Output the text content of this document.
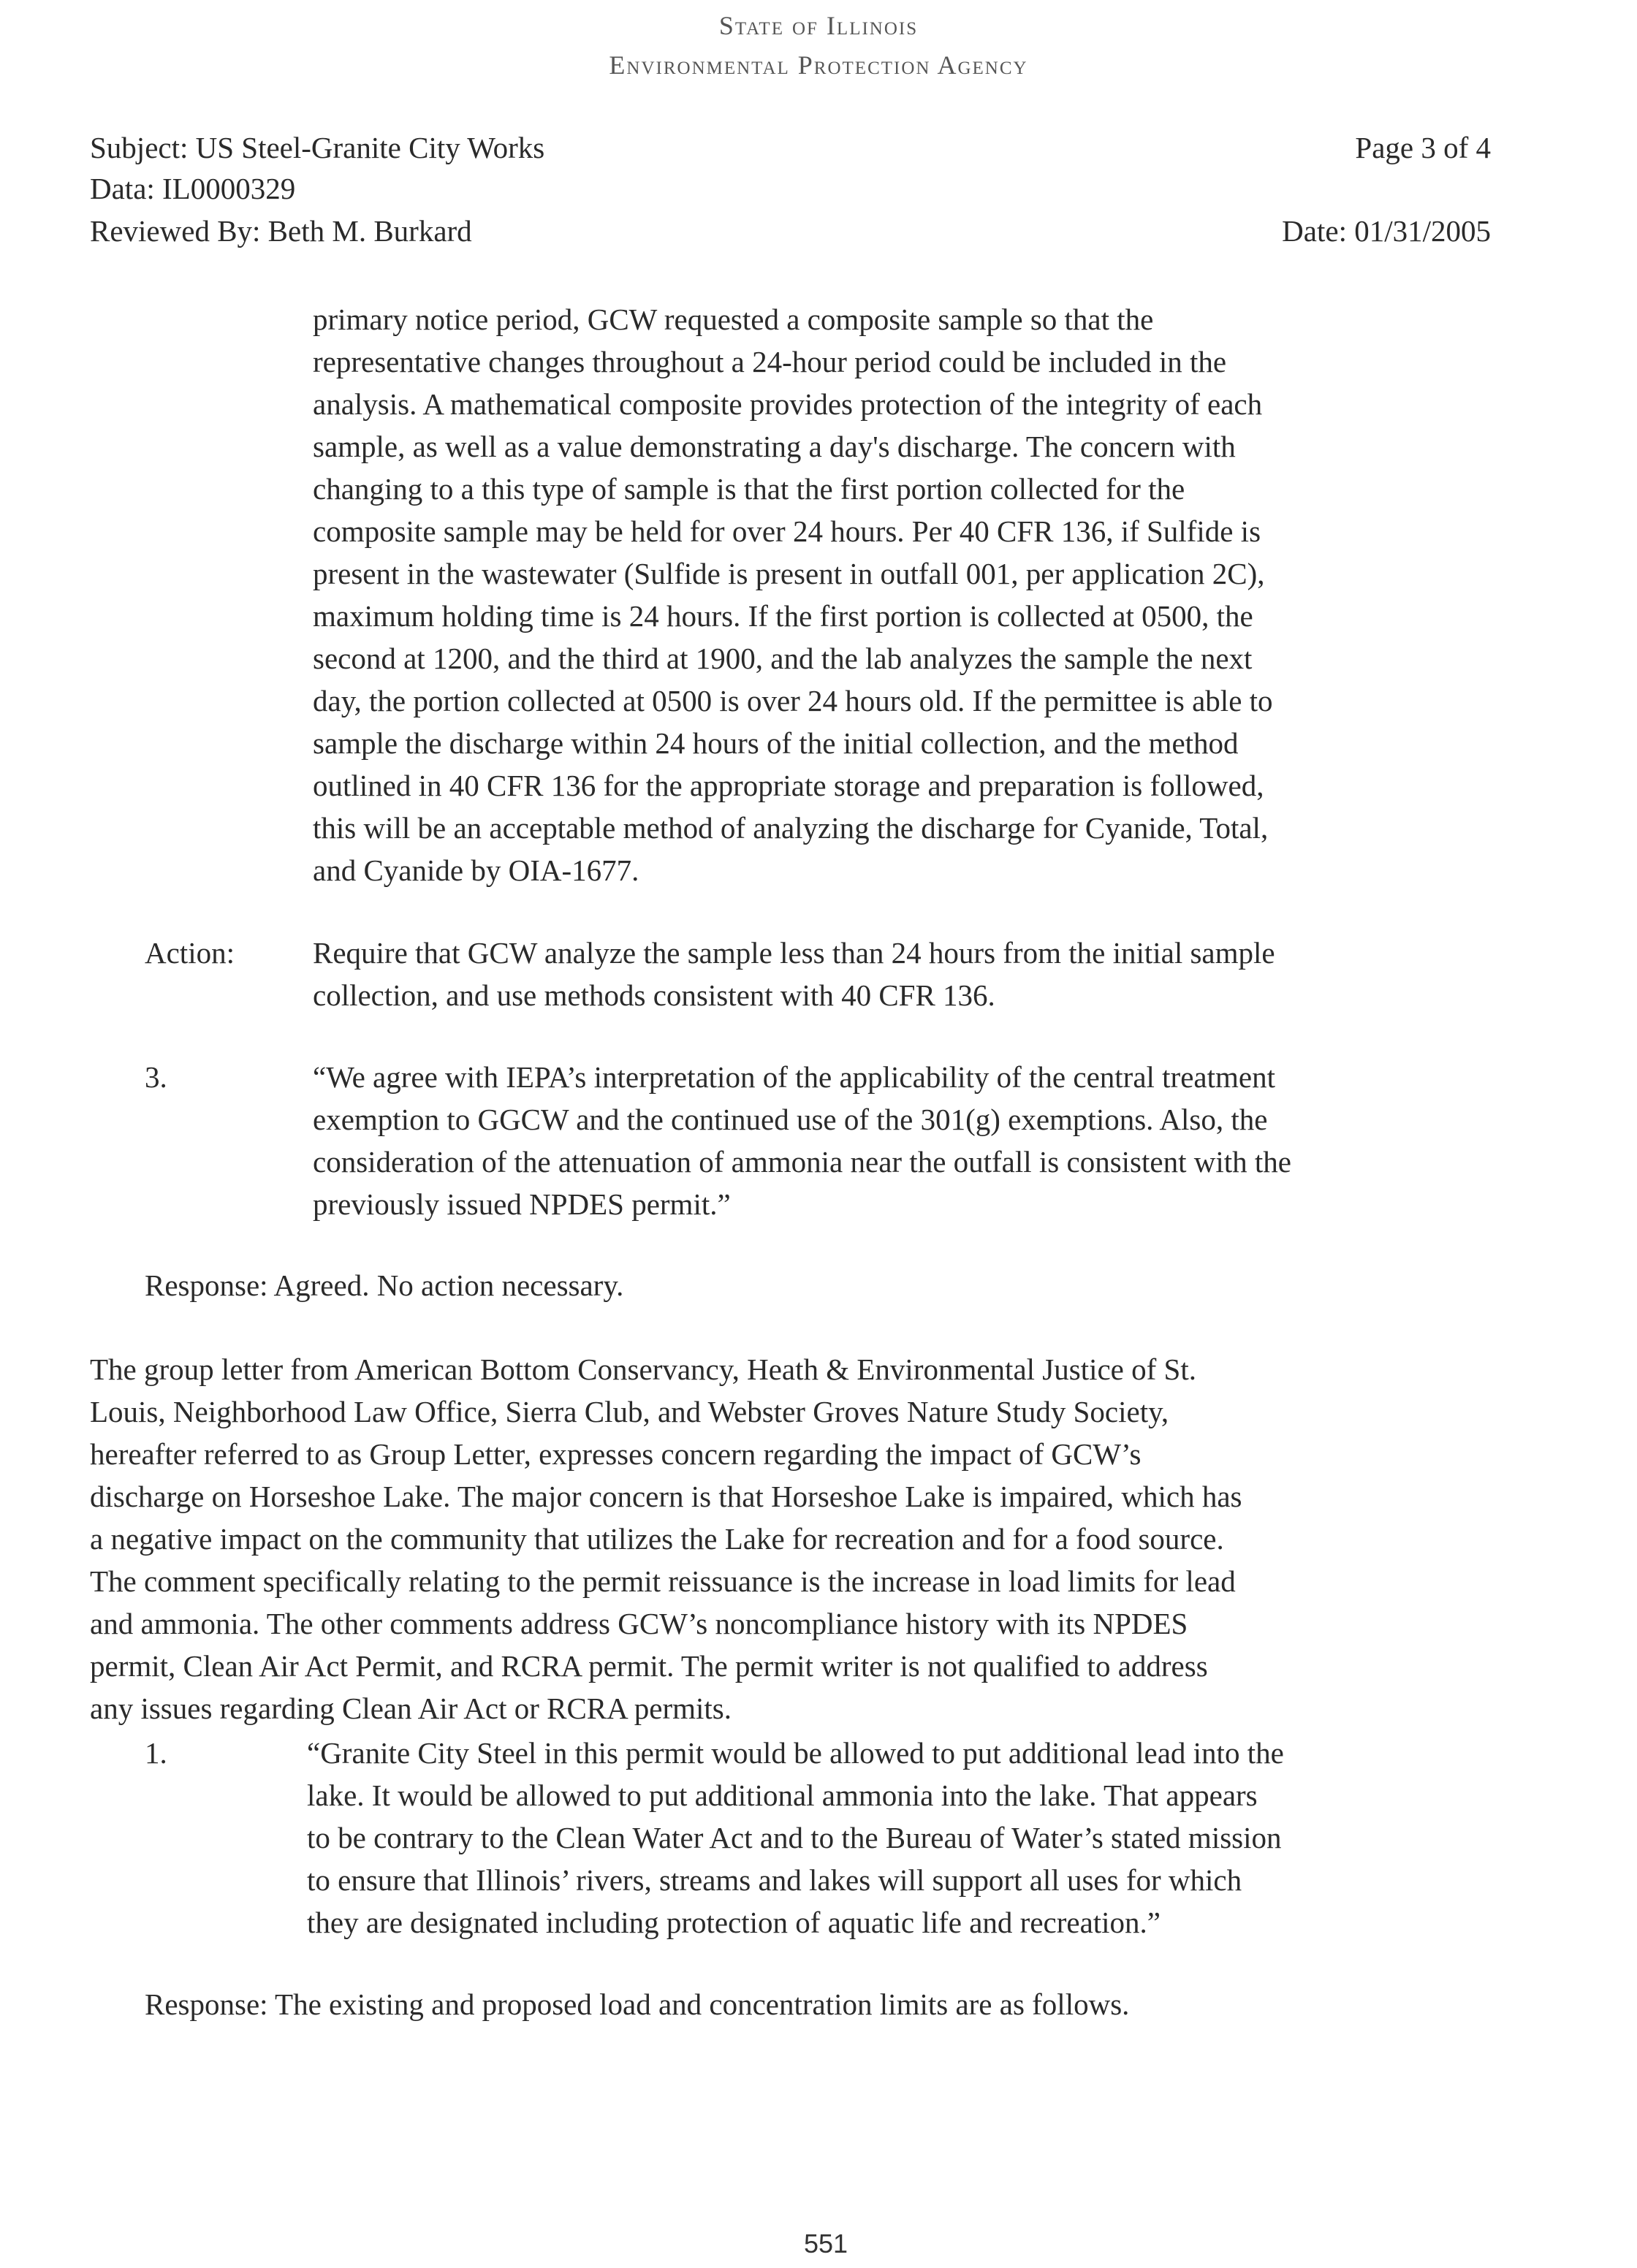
State of Illinois
Environmental Protection Agency
Subject: US Steel-Granite City Works
Data: IL0000329
Reviewed By: Beth M. Burkard
Page 3 of 4
Date: 01/31/2005
primary notice period, GCW requested a composite sample so that the
representative changes throughout a 24-hour period could be included in the
analysis. A mathematical composite provides protection of the integrity of each
sample, as well as a value demonstrating a day's discharge. The concern with
changing to a this type of sample is that the first portion collected for the
composite sample may be held for over 24 hours. Per 40 CFR 136, if Sulfide is
present in the wastewater (Sulfide is present in outfall 001, per application 2C),
maximum holding time is 24 hours. If the first portion is collected at 0500, the
second at 1200, and the third at 1900, and the lab analyzes the sample the next
day, the portion collected at 0500 is over 24 hours old. If the permittee is able to
sample the discharge within 24 hours of the initial collection, and the method
outlined in 40 CFR 136 for the appropriate storage and preparation is followed,
this will be an acceptable method of analyzing the discharge for Cyanide, Total,
and Cyanide by OIA-1677.
Action:	Require that GCW analyze the sample less than 24 hours from the initial sample
collection, and use methods consistent with 40 CFR 136.
3.	“We agree with IEPA’s interpretation of the applicability of the central treatment
exemption to GGCW and the continued use of the 301(g) exemptions. Also, the
consideration of the attenuation of ammonia near the outfall is consistent with the
previously issued NPDES permit.”
Response: Agreed. No action necessary.
The group letter from American Bottom Conservancy, Heath & Environmental Justice of St.
Louis, Neighborhood Law Office, Sierra Club, and Webster Groves Nature Study Society,
hereafter referred to as Group Letter, expresses concern regarding the impact of GCW’s
discharge on Horseshoe Lake. The major concern is that Horseshoe Lake is impaired, which has
a negative impact on the community that utilizes the Lake for recreation and for a food source.
The comment specifically relating to the permit reissuance is the increase in load limits for lead
and ammonia. The other comments address GCW’s noncompliance history with its NPDES
permit, Clean Air Act Permit, and RCRA permit. The permit writer is not qualified to address
any issues regarding Clean Air Act or RCRA permits.
1.	“Granite City Steel in this permit would be allowed to put additional lead into the
lake. It would be allowed to put additional ammonia into the lake. That appears
to be contrary to the Clean Water Act and to the Bureau of Water’s stated mission
to ensure that Illinois’ rivers, streams and lakes will support all uses for which
they are designated including protection of aquatic life and recreation.”
Response: The existing and proposed load and concentration limits are as follows.
551
